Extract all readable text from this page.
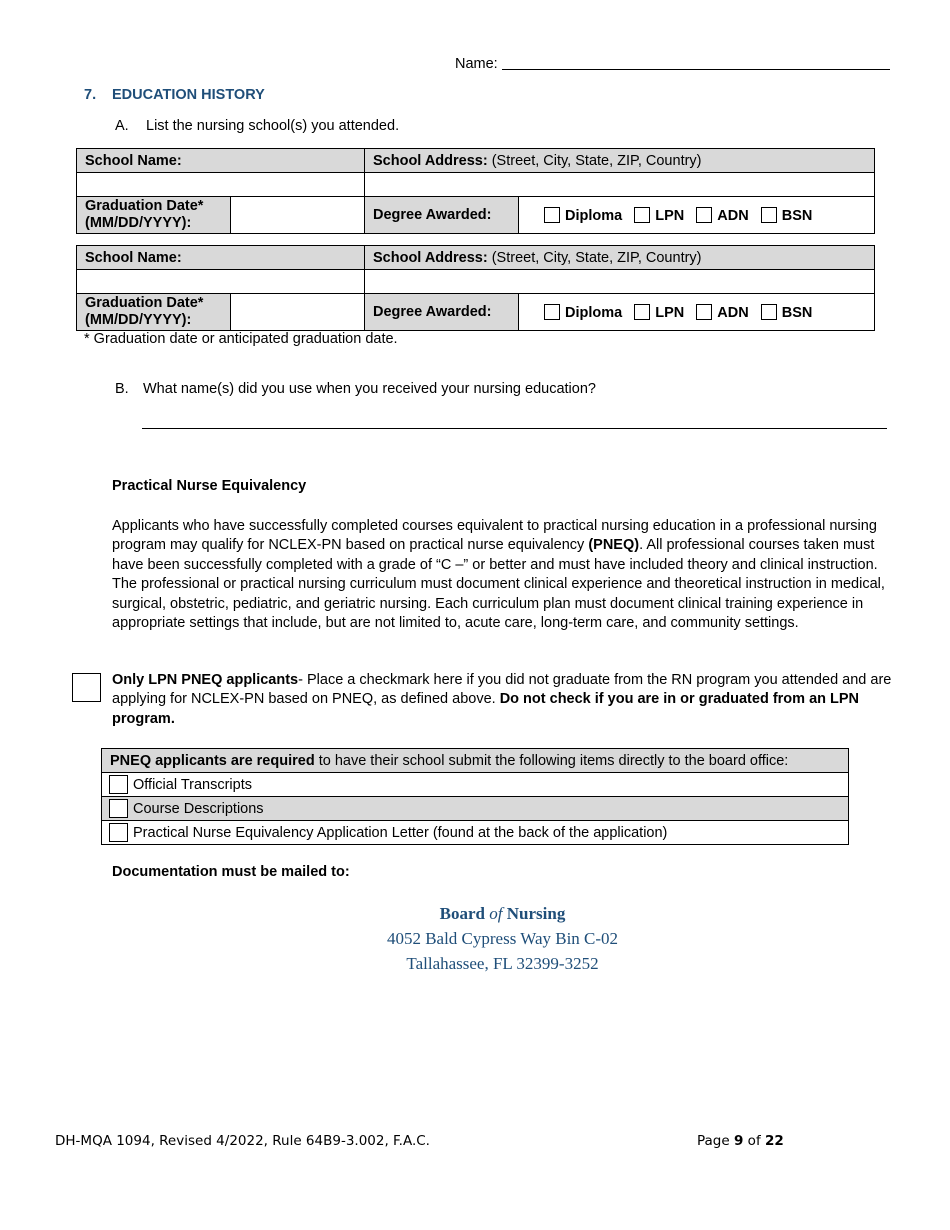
Name:
7. EDUCATION HISTORY
A. List the nursing school(s) you attended.
School Name:		School Address: (Street, City, State, ZIP, Country)	

Graduation Date*
(MM/DD/YYYY):		Degree Awarded:	Diploma LPN ADN BSN
School Name:		School Address: (Street, City, State, ZIP, Country)	

Graduation Date*
(MM/DD/YYYY):		Degree Awarded:	Diploma LPN ADN BSN
* Graduation date or anticipated graduation date.
B. What name(s) did you use when you received your nursing education?
Practical Nurse Equivalency
Applicants who have successfully completed courses equivalent to practical nursing education in a professional nursing program may qualify for NCLEX-PN based on practical nurse equivalency (PNEQ). All professional courses taken must have been successfully completed with a grade of “C –” or better and must have included theory and clinical instruction. The professional or practical nursing curriculum must document clinical experience and theoretical instruction in medical, surgical, obstetric, pediatric, and geriatric nursing. Each curriculum plan must document clinical training experience in appropriate settings that include, but are not limited to, acute care, long-term care, and community settings.
Only LPN PNEQ applicants- Place a checkmark here if you did not graduate from the RN program you attended and are applying for NCLEX-PN based on PNEQ, as defined above. Do not check if you are in or graduated from an LPN program.
PNEQ applicants are required to have their school submit the following items directly to the board office:
Official Transcripts
Course Descriptions
Practical Nurse Equivalency Application Letter (found at the back of the application)
Documentation must be mailed to:
Board of Nursing
4052 Bald Cypress Way Bin C-02
Tallahassee, FL 32399-3252
DH-MQA 1094, Revised 4/2022, Rule 64B9-3.002, F.A.C.	Page 9 of 22
